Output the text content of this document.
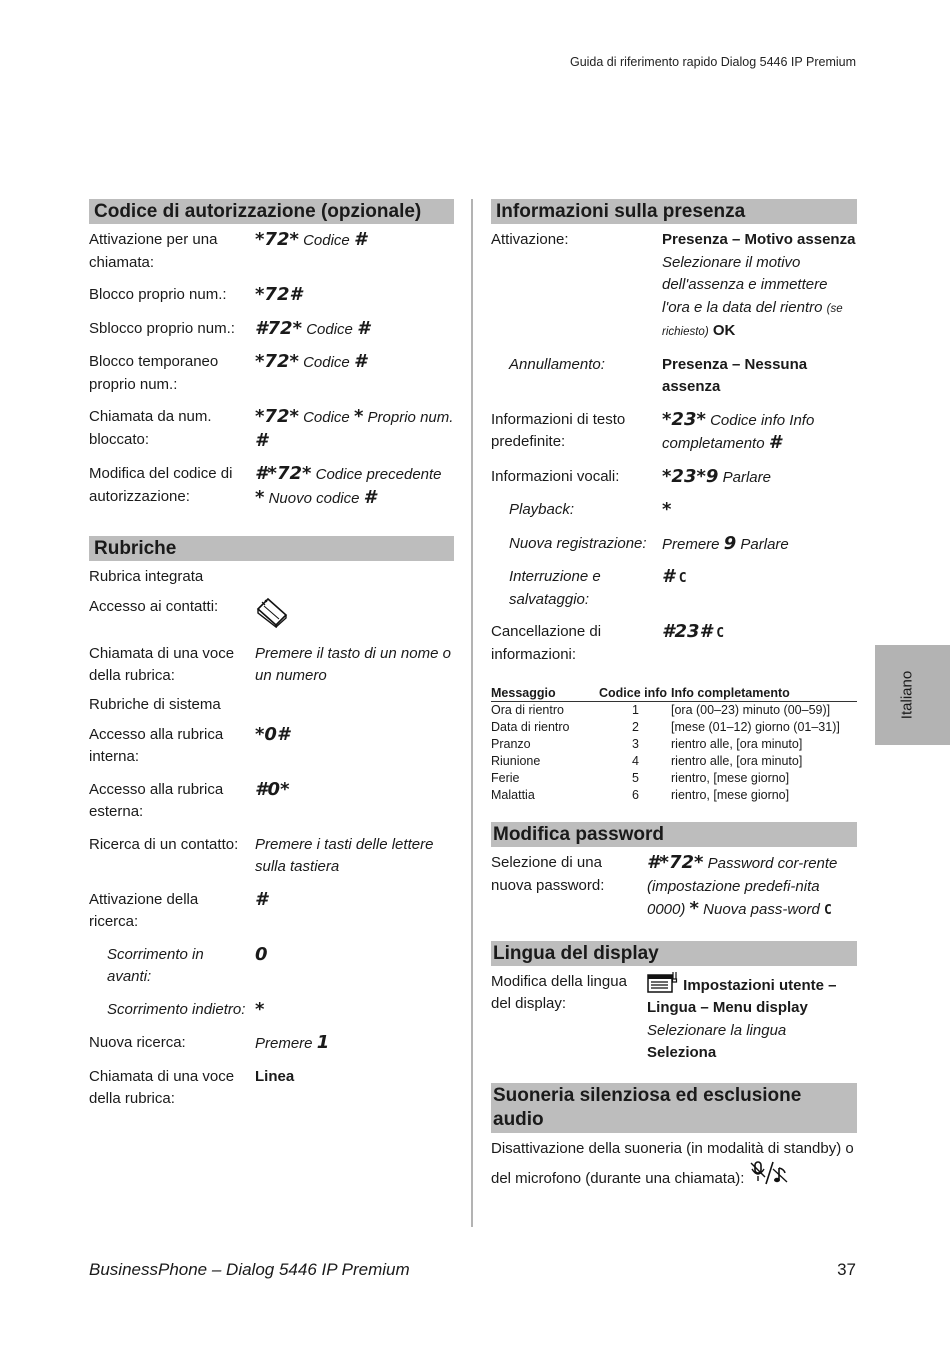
Guida di riferimento rapido Dialog 5446 IP Premium
Codice di autorizzazione (opzionale)
Attivazione per una chiamata:
*72* Codice #
Blocco proprio num.:	*72#
Sblocco proprio num.:	#72* Codice #
Blocco temporaneo proprio num.:
*72* Codice #
Chiamata da num. bloccato:
*72* Codice * Proprio num. #
Modifica del codice di autorizzazione:
#*72* Codice precedente * Nuovo codice #
Rubriche
Rubrica integrata
Accesso ai contatti:
Chiamata di una voce della rubrica:
Premere il tasto di un nome o un numero
Rubriche di sistema
Accesso alla rubrica interna:
*0#
Accesso alla rubrica esterna:
#0*
Ricerca di un contatto:	Premere i tasti delle lettere sulla tastiera
Attivazione della ricerca:
#
Scorrimento in avanti:
0
Scorrimento indietro: *
Nuova ricerca:	Premere 1
Chiamata di una voce della rubrica:
Linea
Informazioni sulla presenza
Attivazione:	Presenza – Motivo assenza Selezionare il motivo dell'assenza e immettere l'ora e la data del rientro (se richiesto) OK
Annullamento:	Presenza – Nessuna assenza
Informazioni di testo predefinite:
*23* Codice info Info completamento #
Informazioni vocali:	*23*9 Parlare
Playback:	*
Nuova registrazione:	Premere 9 Parlare
Interruzione e salvataggio:
# C
Cancellazione di informazioni:
#23# C
Messaggio	Codice info	Info completamento
Ora di rientro	1	[ora (00–23) minuto (00–59)]
Data di rientro	2	[mese (01–12) giorno (01–31)]
Pranzo	3	rientro alle, [ora minuto]
Riunione	4	rientro alle, [ora minuto]
Ferie	5	rientro, [mese giorno]
Malattia	6	rientro, [mese giorno]
Modifica password
Selezione di una nuova password:
#*72* Password cor-rente (impostazione predefi-nita 0000) * Nuova pass-word C
Lingua del display
Modifica della lingua del display:
Impostazioni utente – Lingua – Menu display Selezionare la lingua Seleziona
Suoneria silenziosa ed esclusione audio
Disattivazione della suoneria (in modalità di standby) o del microfono (durante una chiamata):
Italiano
BusinessPhone – Dialog 5446 IP Premium	37
